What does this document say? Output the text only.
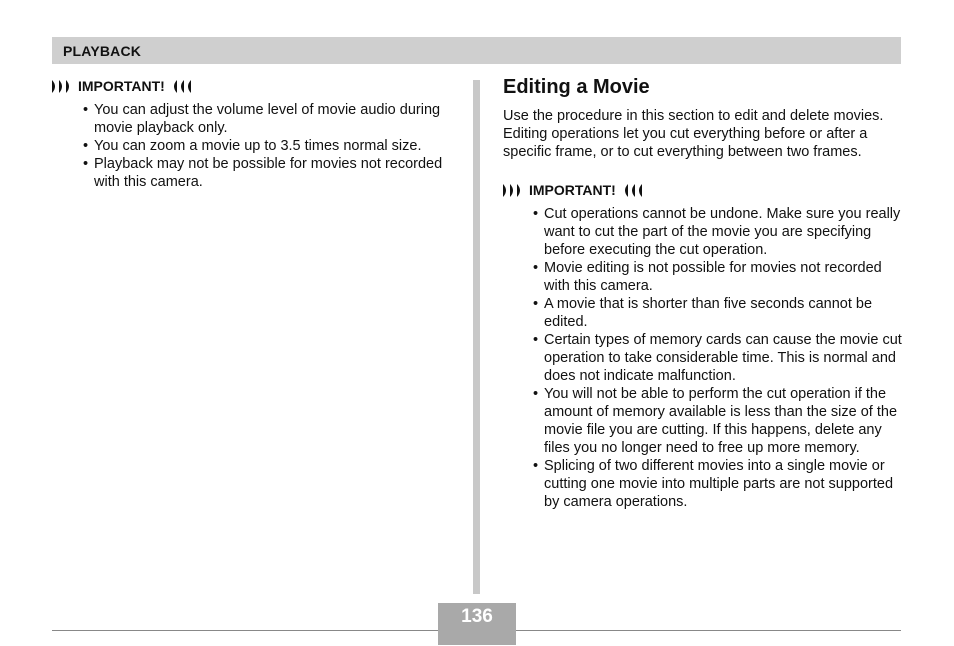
PLAYBACK
IMPORTANT!
• You can adjust the volume level of movie audio during movie playback only.
• You can zoom a movie up to 3.5 times normal size.
• Playback may not be possible for movies not recorded with this camera.
Editing a Movie

Use the procedure in this section to edit and delete movies. Editing operations let you cut everything before or after a specific frame, or to cut everything between two frames.

IMPORTANT!
• Cut operations cannot be undone. Make sure you really want to cut the part of the movie you are specifying before executing the cut operation.
• Movie editing is not possible for movies not recorded with this camera.
• A movie that is shorter than five seconds cannot be edited.
• Certain types of memory cards can cause the movie cut operation to take considerable time. This is normal and does not indicate malfunction.
• You will not be able to perform the cut operation if the amount of memory available is less than the size of the movie file you are cutting. If this happens, delete any files you no longer need to free up more memory.
• Splicing of two different movies into a single movie or cutting one movie into multiple parts are not supported by camera operations.
136
